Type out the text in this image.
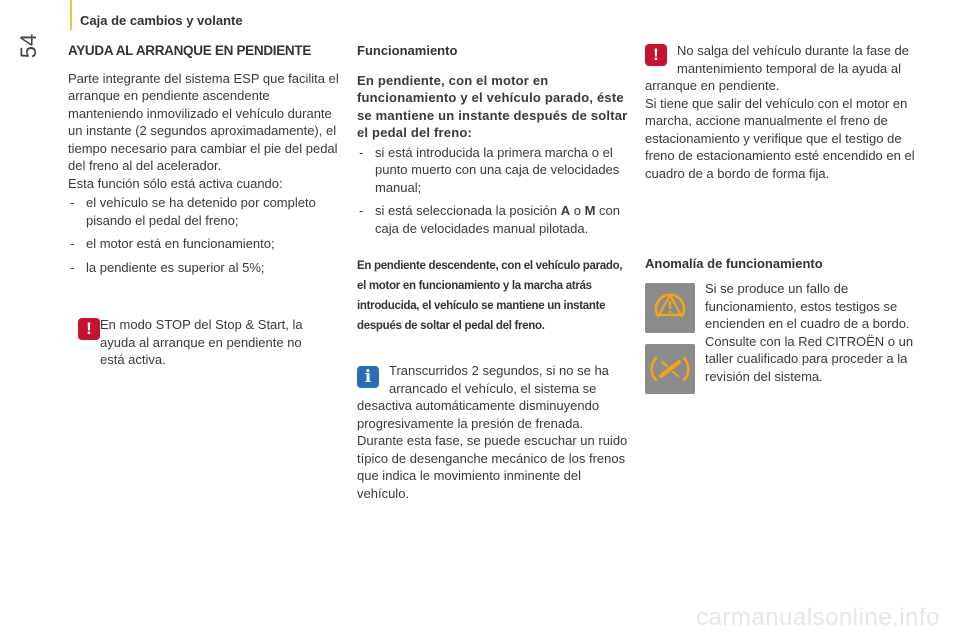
54
Caja de cambios y volante
AYUDA AL ARRANQUE EN PENDIENTE

Parte integrante del sistema ESP que facilita el arranque en pendiente ascendente manteniendo inmovilizado el vehículo durante un instante (2 segundos aproximadamente), el tiempo necesario para cambiar el pie del pedal del freno al del acelerador.

Esta función sólo está activa cuando:

- el vehículo se ha detenido por completo pisando el pedal del freno;
- el motor está en funcionamiento;
- la pendiente es superior al 5%;
! En modo STOP del Stop & Start, la ayuda al arranque en pendiente no está activa.
Funcionamiento
En pendiente, con el motor en funcionamiento y el vehículo parado, éste se mantiene un instante después de soltar el pedal del freno:
- si está introducida la primera marcha o el punto muerto con una caja de velocidades manual;
- si está seleccionada la posición A o M con caja de velocidades manual pilotada.
En pendiente descendente, con el vehículo parado, el motor en funcionamiento y la marcha atrás introducida, el vehículo se mantiene un instante después de soltar el pedal del freno.
i	Transcurridos 2 segundos, si no se ha arrancado el vehículo, el sistema se desactiva automáticamente disminuyendo progresivamente la presión de frenada. Durante esta fase, se puede escuchar un ruido típico de desenganche mecánico de los frenos que indica le movimiento inminente del vehículo.
!	No salga del vehículo durante la fase de mantenimiento temporal de la ayuda al arranque en pendiente.

Si tiene que salir del vehículo con el motor en marcha, accione manualmente el freno de estacionamiento y verifique que el testigo de freno de estacionamiento esté encendido en el cuadro de a bordo de forma fija.

Anomalía de funcionamiento
Si se produce un fallo de funcionamiento, estos testigos se encienden en el cuadro de a bordo. Consulte con la Red CITROËN o un taller cualificado para proceder a la revisión del sistema.
carmanualsonline.info
